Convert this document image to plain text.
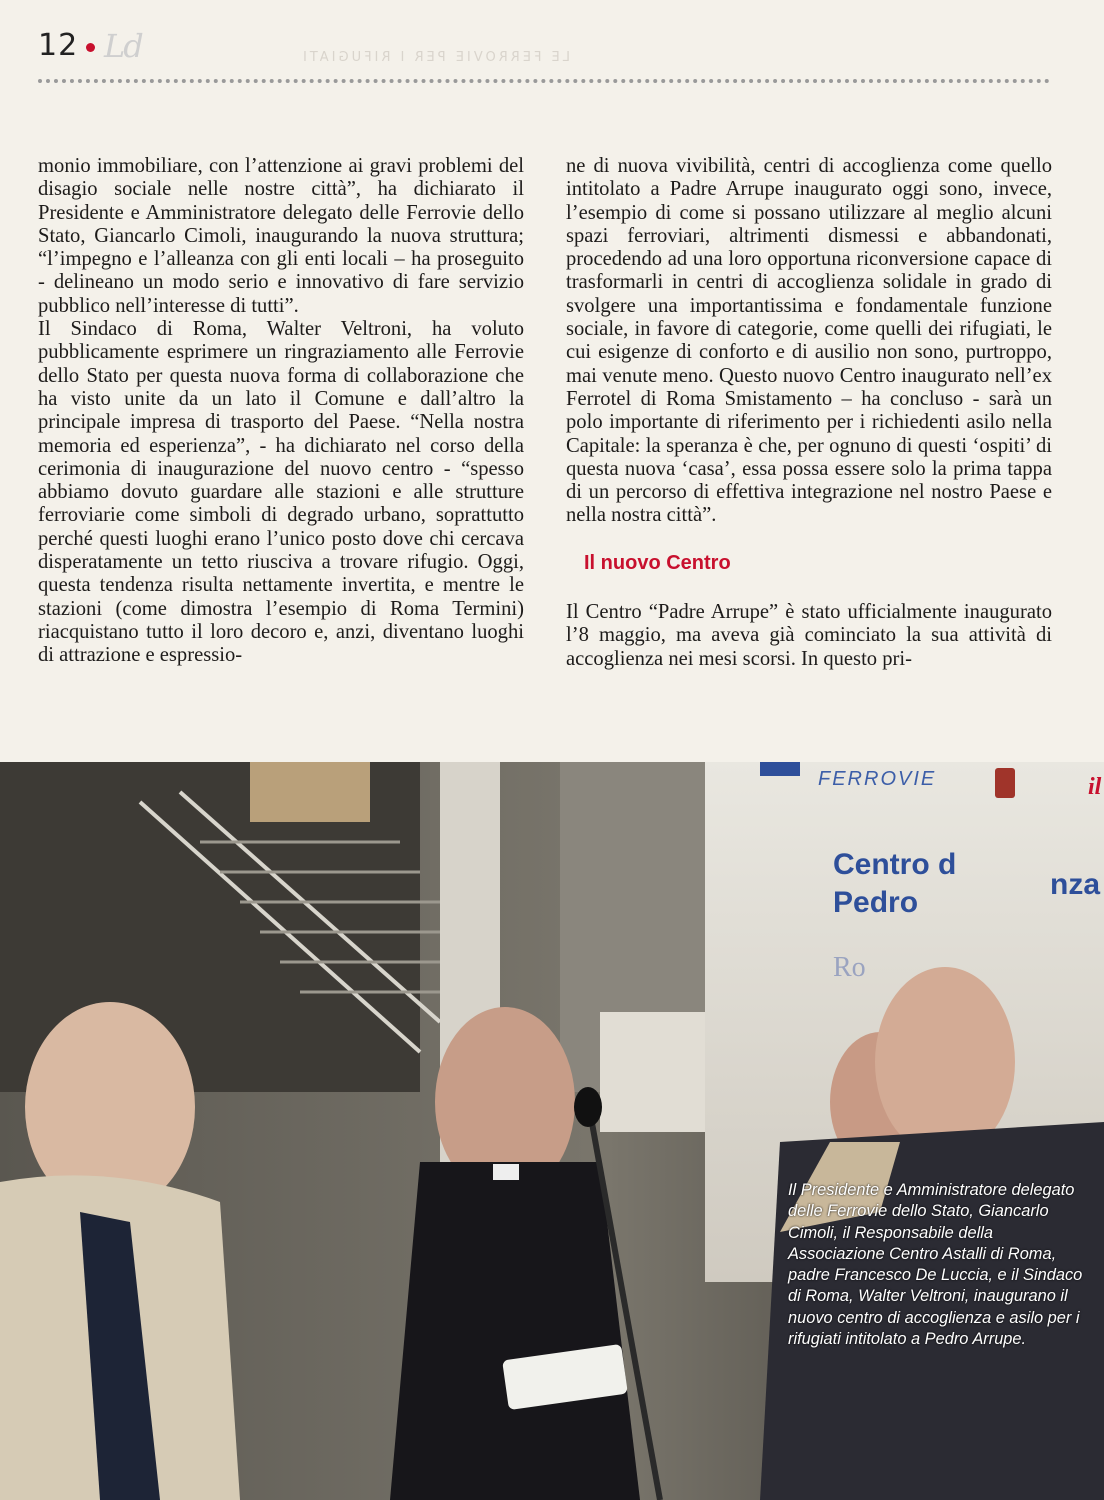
12 Ld	LE FERROVIE PER I RIFUGIATI

monio immobiliare, con l’attenzione ai gravi problemi del disagio sociale nelle nostre città”, ha dichiarato il Presidente e Amministratore delegato delle Ferrovie dello Stato, Giancarlo Cimoli, inaugurando la nuova struttura; “l’impegno e l’alleanza con gli enti locali – ha proseguito - delineano un modo serio e innovativo di fare servizio pubblico nell’interesse di tutti”.

Il Sindaco di Roma, Walter Veltroni, ha voluto pubblicamente esprimere un ringraziamento alle Ferrovie dello Stato per questa nuova forma di collaborazione che ha visto unite da un lato il Comune e dall’altro la principale impresa di trasporto del Paese. “Nella nostra memoria ed esperienza”, - ha dichiarato nel corso della cerimonia di inaugurazione del nuovo centro - “spesso abbiamo dovuto guardare alle stazioni e alle strutture ferroviarie come simboli di degrado urbano, soprattutto perché questi luoghi erano l’unico posto dove chi cercava disperatamente un tetto riusciva a trovare rifugio. Oggi, questa tendenza risulta nettamente invertita, e mentre le stazioni (come dimostra l’esempio di Roma Termini) riacquistano tutto il loro decoro e, anzi, diventano luoghi di attrazione e espressio-

ne di nuova vivibilità, centri di accoglienza come quello intitolato a Padre Arrupe inaugurato oggi sono, invece, l’esempio di come si possano utilizzare al meglio alcuni spazi ferroviari, altrimenti dismessi e abbandonati, procedendo ad una loro opportuna riconversione capace di trasformarli in centri di accoglienza solidale in grado di svolgere una importantissima e fondamentale funzione sociale, in favore di categorie, come quelli dei rifugiati, le cui esigenze di conforto e di ausilio non sono, purtroppo, mai venute meno. Questo nuovo Centro inaugurato nell’ex Ferrotel di Roma Smistamento – ha concluso - sarà un polo importante di riferimento per i richiedenti asilo nella Capitale: la speranza è che, per ognuno di questi ‘ospiti’ di questa nuova ‘casa’, essa possa essere solo la prima tappa di un percorso di effettiva integrazione nel nostro Paese e nella nostra città”.

Il nuovo Centro

Il Centro “Padre Arrupe” è stato ufficialmente inaugurato l’8 maggio, ma aveva già cominciato la sua attività di accoglienza nei mesi scorsi. In questo pri-

FERROVIE	il
Centro d
nza
Pedro
Ro
Il Presidente e Amministratore delegato delle Ferrovie dello Stato, Giancarlo Cimoli, il Responsabile della Associazione Centro Astalli di Roma, padre Francesco De Luccia, e il Sindaco di Roma, Walter Veltroni, inaugurano il nuovo centro di accoglienza e asilo per i rifugiati intitolato a Pedro Arrupe.
